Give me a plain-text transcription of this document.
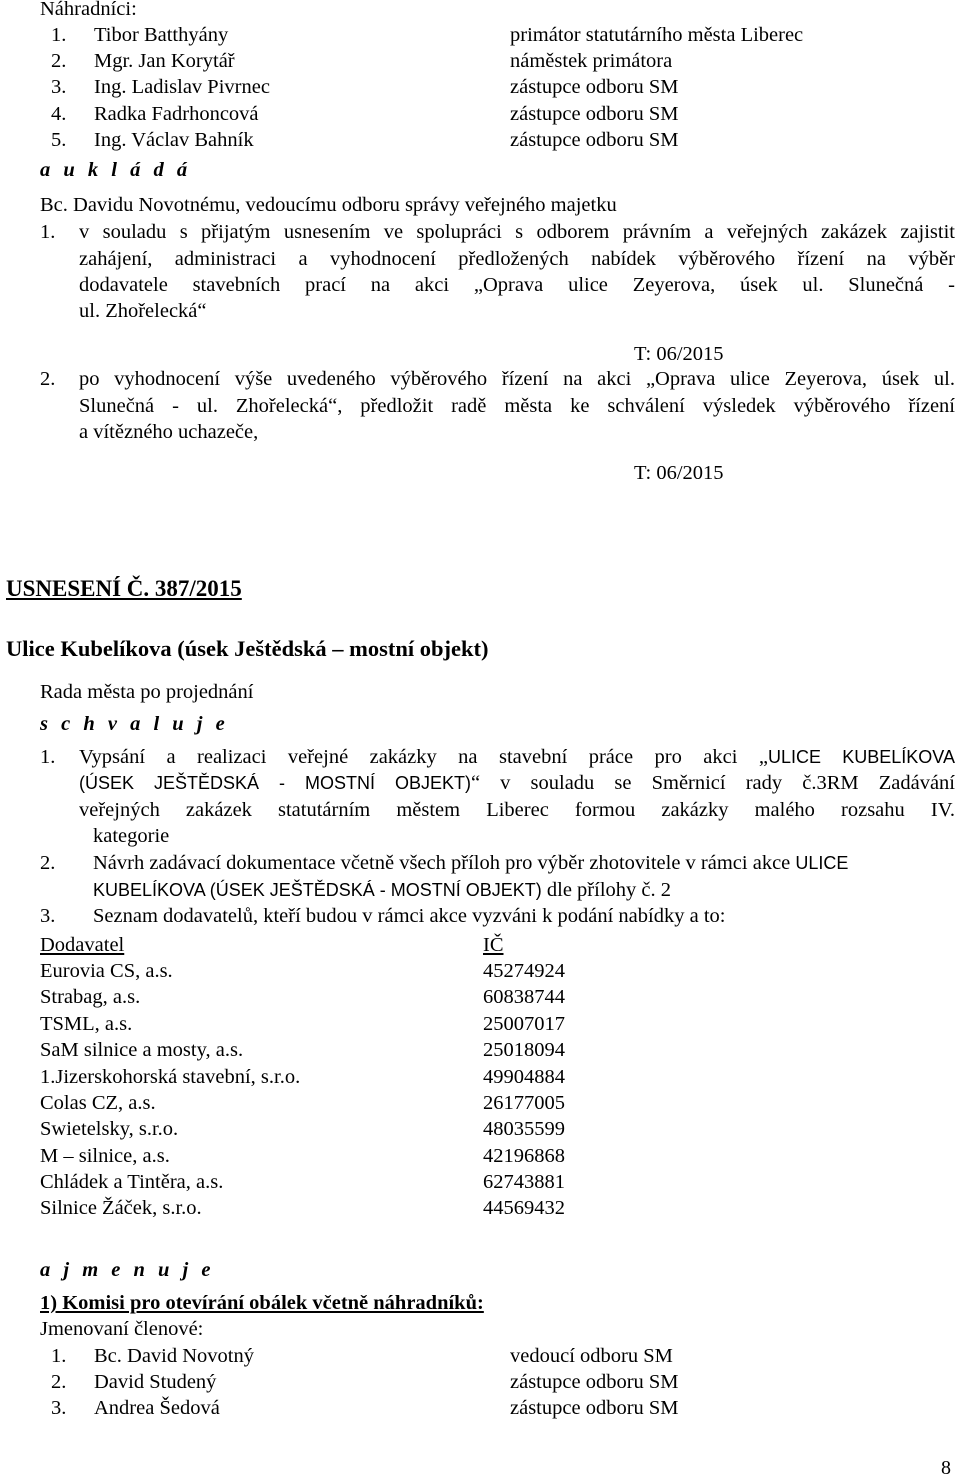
Náhradníci:
1. Tibor Batthyány	primátor statutárního města Liberec
2. Mgr. Jan Korytář	náměstek primátora
3. Ing. Ladislav Pivrnec	zástupce odboru SM
4. Radka Fadrhoncová	zástupce odboru SM
5. Ing. Václav Bahník	zástupce odboru SM
a u k l á d á
Bc. Davidu Novotnému, vedoucímu odboru správy veřejného majetku
1. v souladu s přijatým usnesením ve spolupráci s odborem právním a veřejných zakázek zajistit
zahájení, administraci a vyhodnocení předložených nabídek výběrového řízení na výběr
dodavatele stavebních prací na akci „Oprava ulice Zeyerova, úsek ul. Slunečná -
ul. Zhořelecká“
T: 06/2015
2. po vyhodnocení výše uvedeného výběrového řízení na akci „Oprava ulice Zeyerova, úsek ul.
Slunečná - ul. Zhořelecká“, předložit radě města ke schválení výsledek výběrového řízení
a vítězného uchazeče,
T: 06/2015
USNESENÍ Č. 387/2015
Ulice Kubelíkova (úsek Ještědská – mostní objekt)
Rada města po projednání
s c h v a l u j e
1. Vypsání a realizaci veřejné zakázky na stavební práce pro akci „ULICE KUBELÍKOVA
(ÚSEK JEŠTĚDSKÁ - MOSTNÍ OBJEKT)“ v souladu se Směrnicí rady č.3RM Zadávání
veřejných zakázek statutárním městem Liberec formou zakázky malého rozsahu IV.
kategorie
2. Návrh zadávací dokumentace včetně všech příloh pro výběr zhotovitele v rámci akce ULICE
KUBELÍKOVA (ÚSEK JEŠTĚDSKÁ - MOSTNÍ OBJEKT) dle přílohy č. 2
3. Seznam dodavatelů, kteří budou v rámci akce vyzváni k podání nabídky a to:
Dodavatel	IČ
Eurovia CS, a.s.	45274924
Strabag, a.s.	60838744
TSML, a.s.	25007017
SaM silnice a mosty, a.s.	25018094
1.Jizerskohorská stavební, s.r.o.	49904884
Colas CZ, a.s.	26177005
Swietelsky, s.r.o.	48035599
M – silnice, a.s.	42196868
Chládek a Tintěra, a.s.	62743881
Silnice Žáček, s.r.o.	44569432
a j m e n u j e
1) Komisi pro otevírání obálek včetně náhradníků:
Jmenovaní členové:
1. Bc. David Novotný	vedoucí odboru SM
2. David Studený	zástupce odboru SM
3. Andrea Šedová	zástupce odboru SM
8
